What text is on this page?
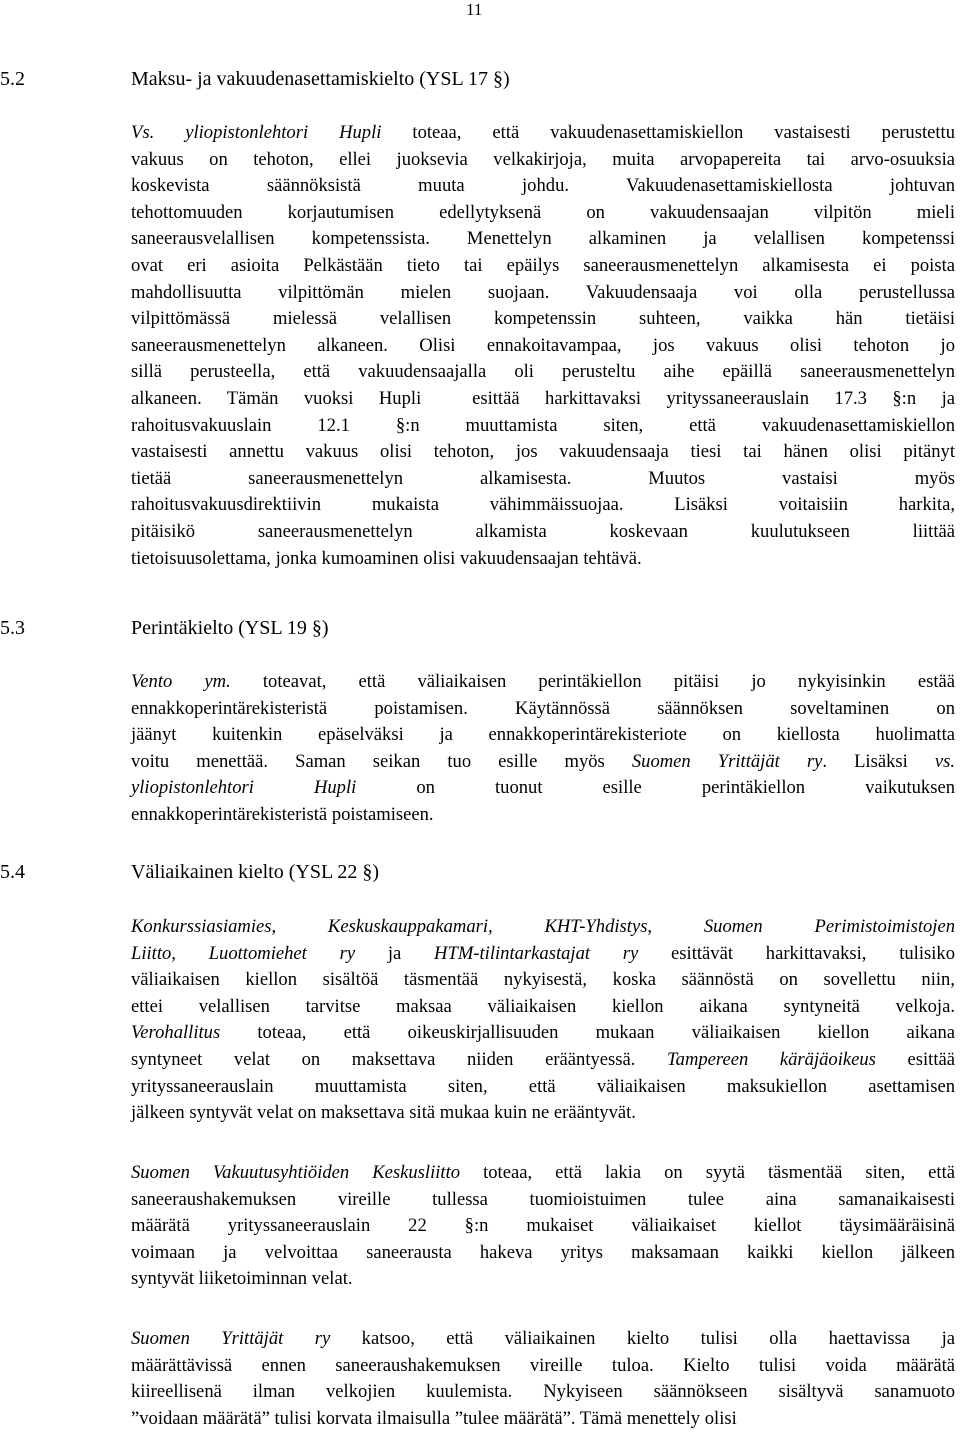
11
5.2	Maksu- ja vakuudenasettamiskielto (YSL 17 §)
Vs. yliopistonlehtori Hupli toteaa, että vakuudenasettamiskiellon vastaisesti perustettu
vakuus on tehoton, ellei juoksevia velkakirjoja, muita arvopapereita tai arvo-osuuksia
koskevista säännöksistä muuta johdu. Vakuudenasettamiskiellosta johtuvan
tehottomuuden korjautumisen edellytyksenä on vakuudensaajan vilpitön mieli
saneerausvelallisen kompetenssista. Menettelyn alkaminen ja velallisen kompetenssi
ovat eri asioita Pelkästään tieto tai epäilys saneerausmenettelyn alkamisesta ei poista
mahdollisuutta vilpittömän mielen suojaan. Vakuudensaaja voi olla perustellussa
vilpittömässä mielessä velallisen kompetenssin suhteen, vaikka hän tietäisi
saneerausmenettelyn alkaneen. Olisi ennakoitavampaa, jos vakuus olisi tehoton jo
sillä perusteella, että vakuudensaajalla oli perusteltu aihe epäillä saneerausmenettelyn
alkaneen. Tämän vuoksi Hupli  esittää harkittavaksi yrityssaneerauslain 17.3 §:n ja
rahoitusvakuuslain 12.1 §:n muuttamista siten, että vakuudenasettamiskiellon
vastaisesti annettu vakuus olisi tehoton, jos vakuudensaaja tiesi tai hänen olisi pitänyt
tietää saneerausmenettelyn alkamisesta. Muutos vastaisi myös
rahoitusvakuusdirektiivin mukaista vähimmäissuojaa. Lisäksi voitaisiin harkita,
pitäisikö saneerausmenettelyn alkamista koskevaan kuulutukseen liittää
tietoisuusolettama, jonka kumoaminen olisi vakuudensaajan tehtävä.
5.3	Perintäkielto (YSL 19 §)
Vento ym. toteavat, että väliaikaisen perintäkiellon pitäisi jo nykyisinkin estää
ennakkoperintärekisteristä poistamisen. Käytännössä säännöksen soveltaminen on
jäänyt kuitenkin epäselväksi ja ennakkoperintärekisteriote on kiellosta huolimatta
voitu menettää. Saman seikan tuo esille myös Suomen Yrittäjät ry. Lisäksi vs.
yliopistonlehtori Hupli on tuonut esille perintäkiellon vaikutuksen
ennakkoperintärekisteristä poistamiseen.
5.4	Väliaikainen kielto (YSL 22 §)
Konkurssiasiamies, Keskuskauppakamari, KHT-Yhdistys, Suomen Perimistoimistojen
Liitto, Luottomiehet ry ja HTM-tilintarkastajat ry esittävät harkittavaksi, tulisiko
väliaikaisen kiellon sisältöä täsmentää nykyisestä, koska säännöstä on sovellettu niin,
ettei velallisen tarvitse maksaa väliaikaisen kiellon aikana syntyneitä velkoja.
Verohallitus toteaa, että oikeuskirjallisuuden mukaan väliaikaisen kiellon aikana
syntyneet velat on maksettava niiden erääntyessä. Tampereen käräjäoikeus esittää
yrityssaneerauslain muuttamista siten, että väliaikaisen maksukiellon asettamisen
jälkeen syntyvät velat on maksettava sitä mukaa kuin ne erääntyvät.
Suomen Vakuutusyhtiöiden Keskusliitto toteaa, että lakia on syytä täsmentää siten, että
saneeraushakemuksen vireille tullessa tuomioistuimen tulee aina samanaikaisesti
määrätä yrityssaneerauslain 22 §:n mukaiset väliaikaiset kiellot täysimääräisinä
voimaan ja velvoittaa saneerausta hakeva yritys maksamaan kaikki kiellon jälkeen
syntyvät liiketoiminnan velat.
Suomen Yrittäjät ry katsoo, että väliaikainen kielto tulisi olla haettavissa ja
määrättävissä ennen saneeraushakemuksen vireille tuloa. Kielto tulisi voida määrätä
kiireellisenä ilman velkojien kuulemista. Nykyiseen säännökseen sisältyvä sanamuoto
”voidaan määrätä” tulisi korvata ilmaisulla ”tulee määrätä”. Tämä menettely olisi
